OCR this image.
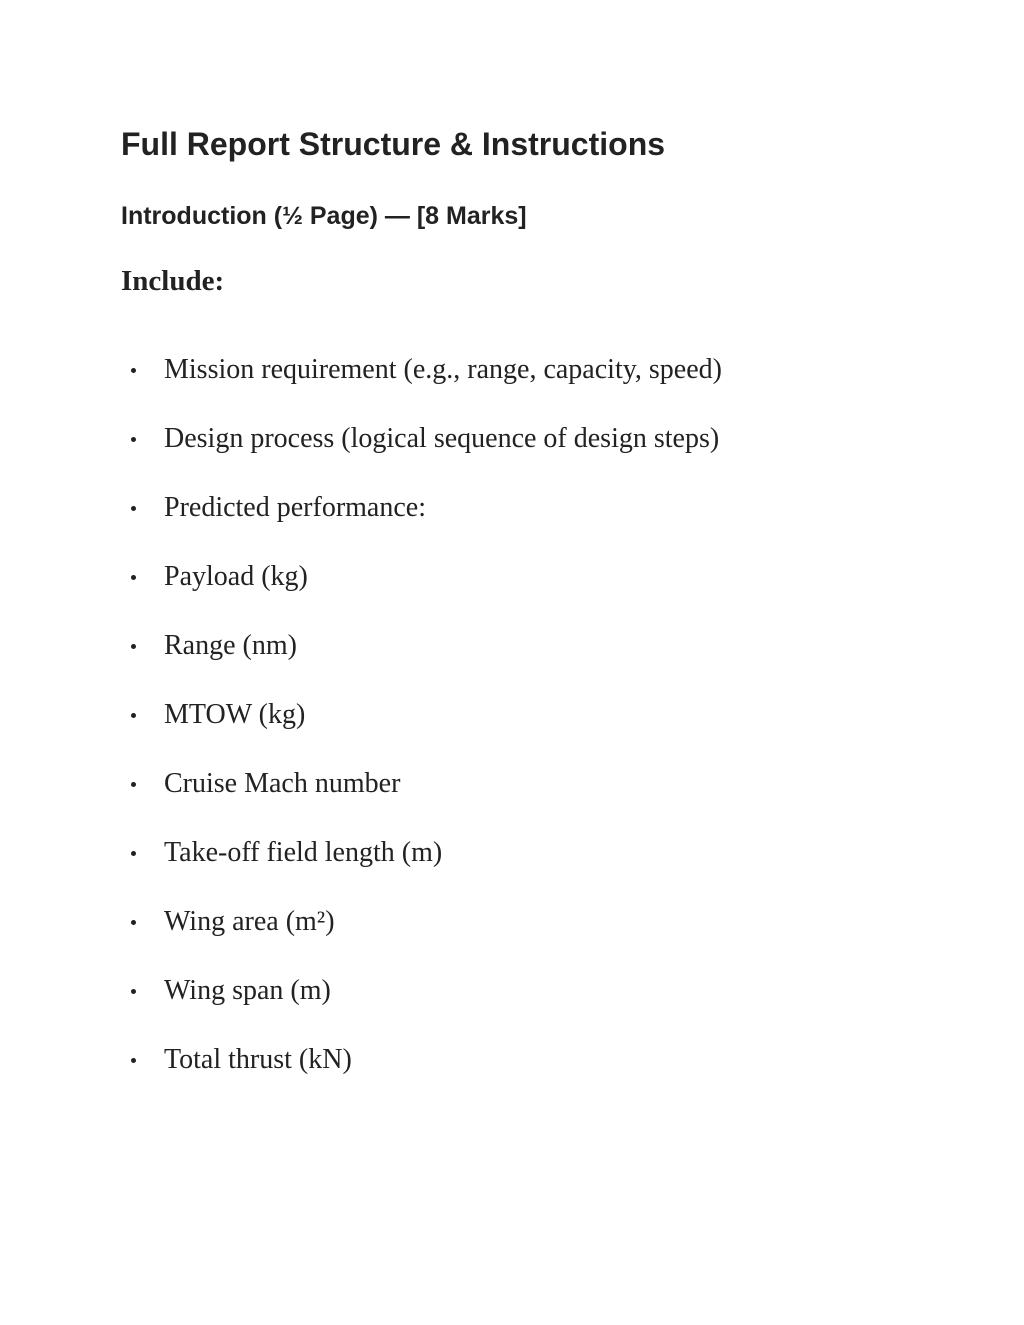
Full Report Structure & Instructions
Introduction (½ Page) — [8 Marks]

Include:

Mission requirement (e.g., range, capacity, speed)
Design process (logical sequence of design steps)
Predicted performance:
Payload (kg)
Range (nm)
MTOW (kg)
Cruise Mach number
Take-off field length (m)
Wing area (m²)
Wing span (m)
Total thrust (kN)
